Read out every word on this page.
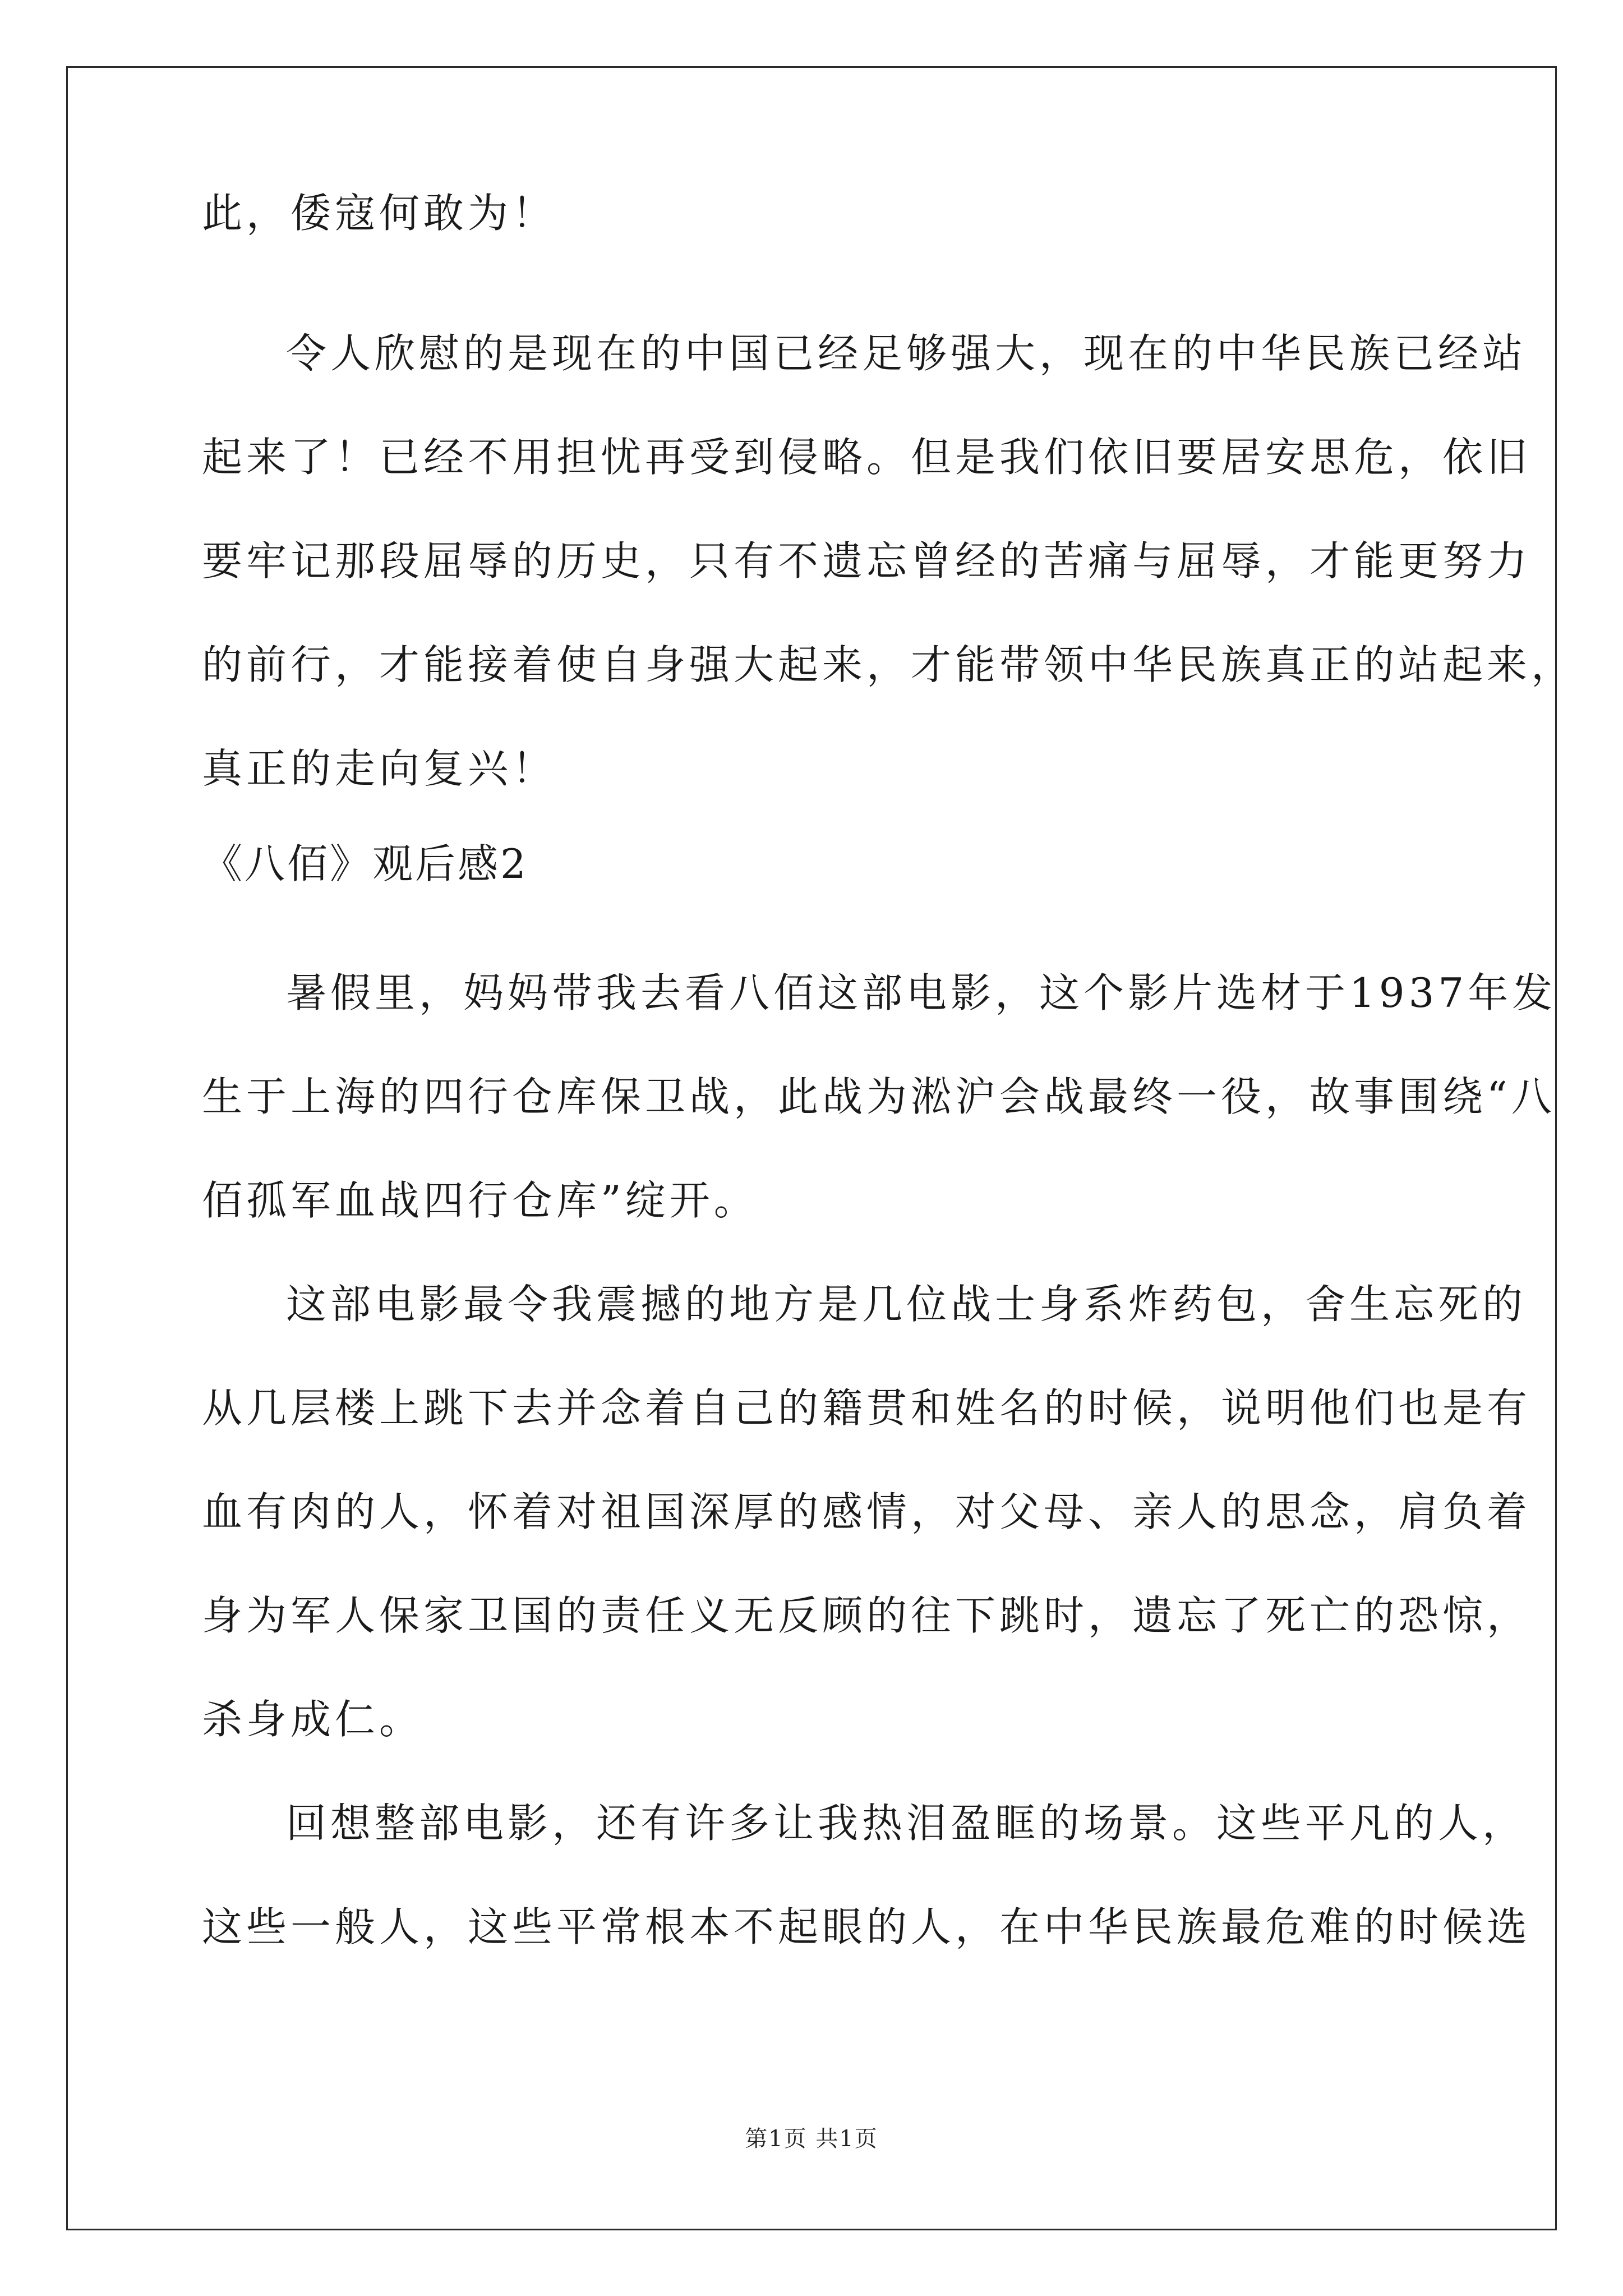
此，倭寇何敢为！
令人欣慰的是现在的中国已经足够强大，现在的中华民族已经站
起来了！已经不用担忧再受到侵略。但是我们依旧要居安思危，依旧
要牢记那段屈辱的历史，只有不遗忘曾经的苦痛与屈辱，才能更努力
的前行，才能接着使自身强大起来，才能带领中华民族真正的站起来，
真正的走向复兴！
《八佰》观后感2
暑假里，妈妈带我去看八佰这部电影，这个影片选材于1937年发
生于上海的四行仓库保卫战，此战为淞沪会战最终一役，故事围绕“八
佰孤军血战四行仓库”绽开。
这部电影最令我震撼的地方是几位战士身系炸药包，舍生忘死的
从几层楼上跳下去并念着自己的籍贯和姓名的时候，说明他们也是有
血有肉的人，怀着对祖国深厚的感情，对父母、亲人的思念，肩负着
身为军人保家卫国的责任义无反顾的往下跳时，遗忘了死亡的恐惊，
杀身成仁。
回想整部电影，还有许多让我热泪盈眶的场景。这些平凡的人，
这些一般人，这些平常根本不起眼的人，在中华民族最危难的时候选
第1页 共1页
